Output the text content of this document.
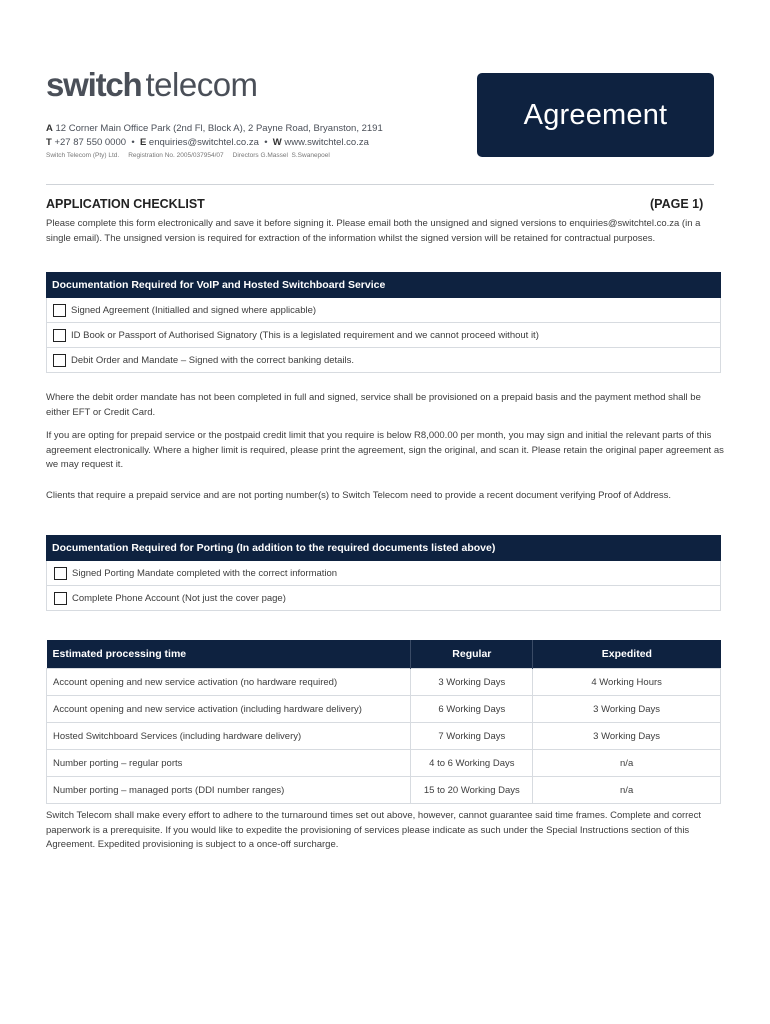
switch telecom
A 12 Corner Main Office Park (2nd Fl, Block A), 2 Payne Road, Bryanston, 2191
T +27 87 550 0000 • E enquiries@switchtel.co.za • W www.switchtel.co.za
Switch Telecom (Pty) Ltd.     Registration No. 2005/037954/07     Directors G.Massel  S.Swanepoel
Agreement
APPLICATION CHECKLIST	(PAGE 1)
Please complete this form electronically and save it before signing it. Please email both the unsigned and signed versions to enquiries@switchtel.co.za (in a single email). The unsigned version is required for extraction of the information whilst the signed version will be retained for contractual purposes.
Documentation Required for VoIP and Hosted Switchboard Service
Signed Agreement (Initialled and signed where applicable)
ID Book or Passport of Authorised Signatory (This is a legislated requirement and we cannot proceed without it)
Debit Order and Mandate – Signed with the correct banking details.
Where the debit order mandate has not been completed in full and signed, service shall be provisioned on a prepaid basis and the payment method shall be either EFT or Credit Card.
If you are opting for prepaid service or the postpaid credit limit that you require is below R8,000.00 per month, you may sign and initial the relevant parts of this agreement electronically. Where a higher limit is required, please print the agreement, sign the original, and scan it. Please retain the original paper agreement as we may request it.
Clients that require a prepaid service and are not porting number(s) to Switch Telecom need to provide a recent document verifying Proof of Address.
Documentation Required for Porting (In addition to the required documents listed above)
Signed Porting Mandate completed with the correct information
Complete Phone Account (Not just the cover page)
Estimated processing time	Regular	Expedited
Account opening and new service activation (no hardware required)	3 Working Days	4 Working Hours
Account opening and new service activation (including hardware delivery)	6 Working Days	3 Working Days
Hosted Switchboard Services (including hardware delivery)	7 Working Days	3 Working Days
Number porting – regular ports	4 to 6 Working Days	n/a
Number porting – managed ports (DDI number ranges)	15 to 20 Working Days	n/a
Switch Telecom shall make every effort to adhere to the turnaround times set out above, however, cannot guarantee said time frames. Complete and correct paperwork is a prerequisite. If you would like to expedite the provisioning of services please indicate as such under the Special Instructions section of this Agreement. Expedited provisioning is subject to a once-off surcharge.
